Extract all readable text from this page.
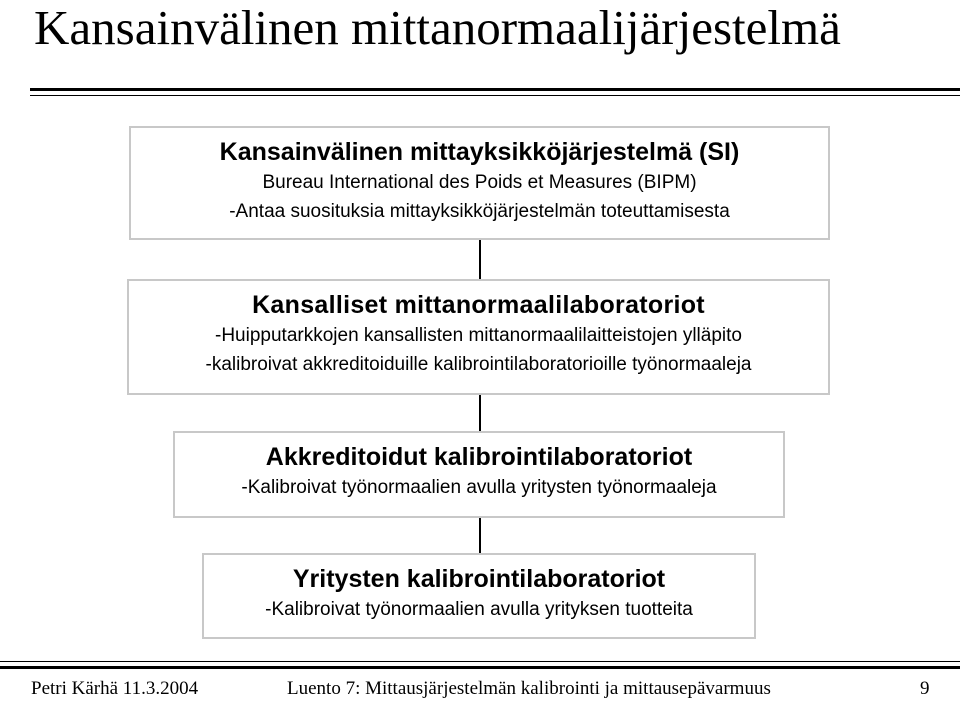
Kansainvälinen mittanormaalijärjestelmä
Kansainvälinen mittayksikköjärjestelmä (SI)
Bureau International des Poids et Measures (BIPM)
-Antaa suosituksia mittayksikköjärjestelmän toteuttamisesta
Kansalliset mittanormaalilaboratoriot
-Huipputarkkojen kansallisten mittanormaalilaitteistojen ylläpito
-kalibroivat akkreditoiduille kalibrointilaboratorioille työnormaaleja
Akkreditoidut kalibrointilaboratoriot
-Kalibroivat työnormaalien avulla yritysten työnormaaleja
Yritysten kalibrointilaboratoriot
-Kalibroivat työnormaalien avulla yrityksen tuotteita
Petri Kärhä 11.3.2004	Luento 7: Mittausjärjestelmän kalibrointi ja mittausepävarmuus	9
